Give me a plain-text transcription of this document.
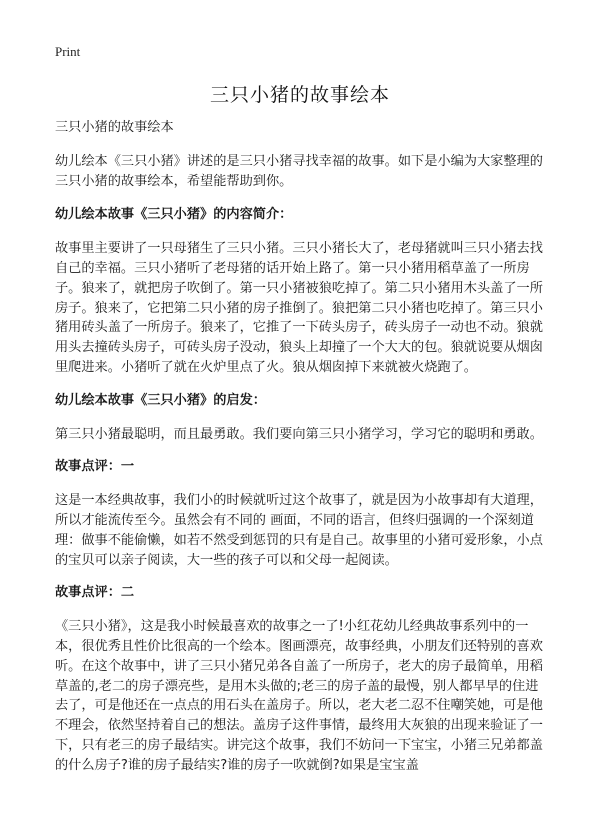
Print
三只小猪的故事绘本

三只小猪的故事绘本

幼儿绘本《三只小猪》讲述的是三只小猪寻找幸福的故事。如下是小编为大家整理的三只小猪的故事绘本，希望能帮助到你。

幼儿绘本故事《三只小猪》的内容简介：

故事里主要讲了一只母猪生了三只小猪。三只小猪长大了，老母猪就叫三只小猪去找自己的幸福。三只小猪听了老母猪的话开始上路了。第一只小猪用稻草盖了一所房子。狼来了，就把房子吹倒了。第一只小猪被狼吃掉了。第二只小猪用木头盖了一所房子。狼来了，它把第二只小猪的房子推倒了。狼把第二只小猪也吃掉了。第三只小猪用砖头盖了一所房子。狼来了，它推了一下砖头房子，砖头房子一动也不动。狼就用头去撞砖头房子，可砖头房子没动，狼头上却撞了一个大大的包。狼就说要从烟囱里爬进来。小猪听了就在火炉里点了火。狼从烟囱掉下来就被火烧跑了。

幼儿绘本故事《三只小猪》的启发：

第三只小猪最聪明，而且最勇敢。我们要向第三只小猪学习，学习它的聪明和勇敢。

故事点评：一

这是一本经典故事，我们小的时候就听过这个故事了，就是因为小故事却有大道理，所以才能流传至今。虽然会有不同的 画面，不同的语言，但终归强调的一个深刻道理：做事不能偷懒，如若不然受到惩罚的只有是自己。故事里的小猪可爱形象，小点的宝贝可以亲子阅读，大一些的孩子可以和父母一起阅读。

故事点评：二

《三只小猪》，这是我小时候最喜欢的故事之一了!小红花幼儿经典故事系列中的一本，很优秀且性价比很高的一个绘本。图画漂亮，故事经典，小朋友们还特别的喜欢听。在这个故事中，讲了三只小猪兄弟各自盖了一所房子，老大的房子最简单，用稻草盖的,老二的房子漂亮些，是用木头做的;老三的房子盖的最慢，别人都早早的住进去了，可是他还在一点点的用石头在盖房子。所以，老大老二忍不住嘲笑她，可是他不理会，依然坚持着自己的想法。盖房子这件事情，最终用大灰狼的出现来验证了一下，只有老三的房子最结实。讲完这个故事，我们不妨问一下宝宝，小猪三兄弟都盖的什么房子?谁的房子最结实?谁的房子一吹就倒?如果是宝宝盖
